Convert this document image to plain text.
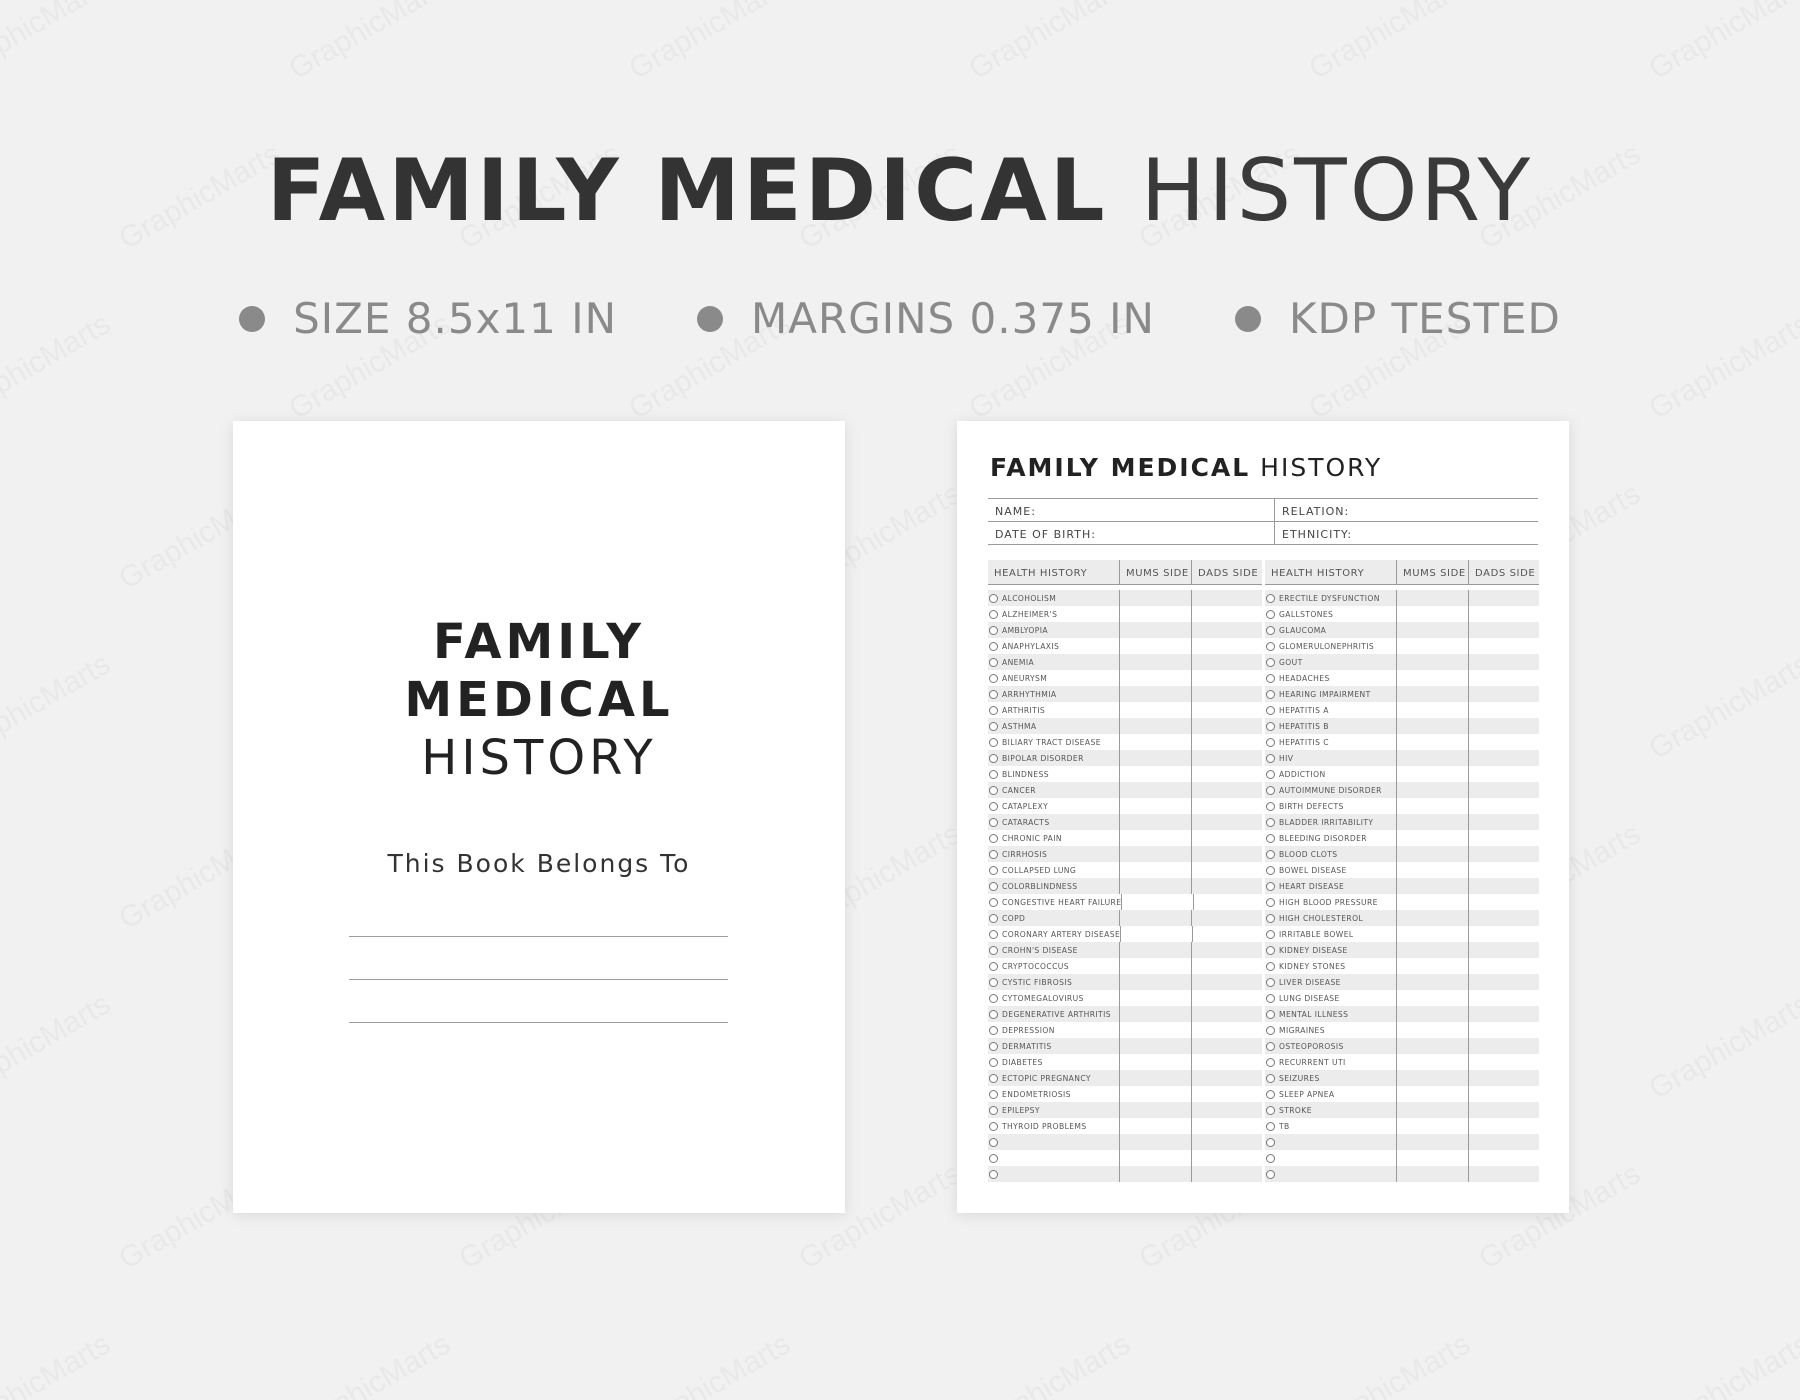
FAMILY MEDICAL HISTORY
SIZE 8.5x11 IN	MARGINS 0.375 IN	KDP TESTED
FAMILY
MEDICAL
HISTORY
This Book Belongs To
FAMILY MEDICAL HISTORY
NAME:	RELATION:
DATE OF BIRTH:	ETHNICITY:
HEALTH HISTORY	MUMS SIDE DADS SIDE
ALCOHOLISM
ALZHEIMER'S
AMBLYOPIA
ANAPHYLAXIS
ANEMIA
ANEURYSM
ARRHYTHMIA
ARTHRITIS
ASTHMA
BILIARY TRACT DISEASE
BIPOLAR DISORDER
BLINDNESS
CANCER
CATAPLEXY
CATARACTS
CHRONIC PAIN
CIRRHOSIS
COLLAPSED LUNG
COLORBLINDNESS
CONGESTIVE HEART FAILURE
COPD
CORONARY ARTERY DISEASE
CROHN'S DISEASE
CRYPTOCOCCUS
CYSTIC FIBROSIS
CYTOMEGALOVIRUS
DEGENERATIVE ARTHRITIS
DEPRESSION
DERMATITIS
DIABETES
ECTOPIC PREGNANCY
ENDOMETRIOSIS
EPILEPSY
THYROID PROBLEMS
HEALTH HISTORY	MUMS SIDE DADS SIDE
ERECTILE DYSFUNCTION
GALLSTONES
GLAUCOMA
GLOMERULONEPHRITIS
GOUT
HEADACHES
HEARING IMPAIRMENT
HEPATITIS A
HEPATITIS B
HEPATITIS C
HIV
ADDICTION
AUTOIMMUNE DISORDER
BIRTH DEFECTS
BLADDER IRRITABILITY
BLEEDING DISORDER
BLOOD CLOTS
BOWEL DISEASE
HEART DISEASE
HIGH BLOOD PRESSURE
HIGH CHOLESTEROL
IRRITABLE BOWEL
KIDNEY DISEASE
KIDNEY STONES
LIVER DISEASE
LUNG DISEASE
MENTAL ILLNESS
MIGRAINES
OSTEOPOROSIS
RECURRENT UTI
SEIZURES
SLEEP APNEA
STROKE
TB
